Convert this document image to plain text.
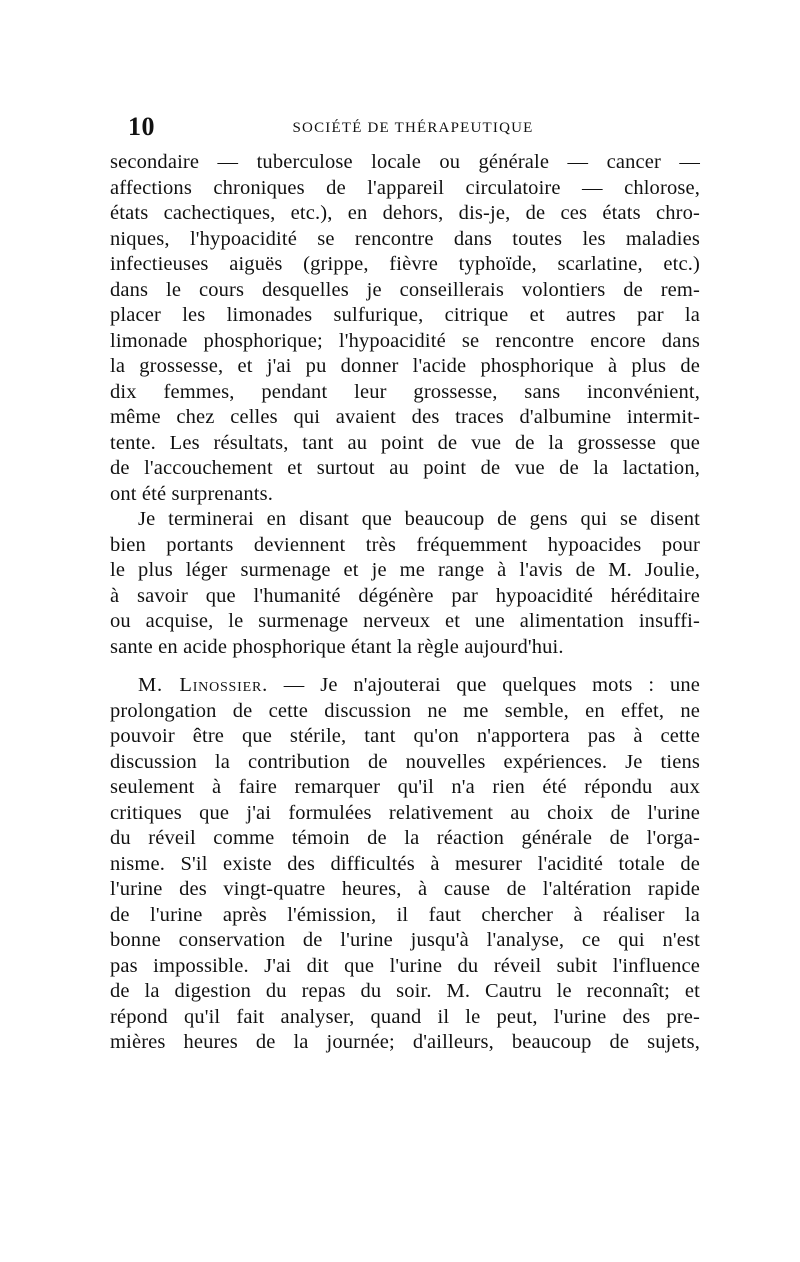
10	SOCIÉTÉ DE THÉRAPEUTIQUE

secondaire — tuberculose locale ou générale — cancer —
affections chroniques de l'appareil circulatoire — chlorose,
états cachectiques, etc.), en dehors, dis-je, de ces états chro-
niques, l'hypoacidité se rencontre dans toutes les maladies
infectieuses aiguës (grippe, fièvre typhoïde, scarlatine, etc.)
dans le cours desquelles je conseillerais volontiers de rem-
placer les limonades sulfurique, citrique et autres par la
limonade phosphorique; l'hypoacidité se rencontre encore dans
la grossesse, et j'ai pu donner l'acide phosphorique à plus de
dix femmes, pendant leur grossesse, sans inconvénient,
même chez celles qui avaient des traces d'albumine intermit-
tente. Les résultats, tant au point de vue de la grossesse que
de l'accouchement et surtout au point de vue de la lactation,
ont été surprenants.

Je terminerai en disant que beaucoup de gens qui se disent
bien portants deviennent très fréquemment hypoacides pour
le plus léger surmenage et je me range à l'avis de M. Joulie,
à savoir que l'humanité dégénère par hypoacidité héréditaire
ou acquise, le surmenage nerveux et une alimentation insuffi-
sante en acide phosphorique étant la règle aujourd'hui.

M. Linossier. — Je n'ajouterai que quelques mots : une
prolongation de cette discussion ne me semble, en effet, ne
pouvoir être que stérile, tant qu'on n'apportera pas à cette
discussion la contribution de nouvelles expériences. Je tiens
seulement à faire remarquer qu'il n'a rien été répondu aux
critiques que j'ai formulées relativement au choix de l'urine
du réveil comme témoin de la réaction générale de l'orga-
nisme. S'il existe des difficultés à mesurer l'acidité totale de
l'urine des vingt-quatre heures, à cause de l'altération rapide
de l'urine après l'émission, il faut chercher à réaliser la
bonne conservation de l'urine jusqu'à l'analyse, ce qui n'est
pas impossible. J'ai dit que l'urine du réveil subit l'influence
de la digestion du repas du soir. M. Cautru le reconnaît; et
répond qu'il fait analyser, quand il le peut, l'urine des pre-
mières heures de la journée; d'ailleurs, beaucoup de sujets,
